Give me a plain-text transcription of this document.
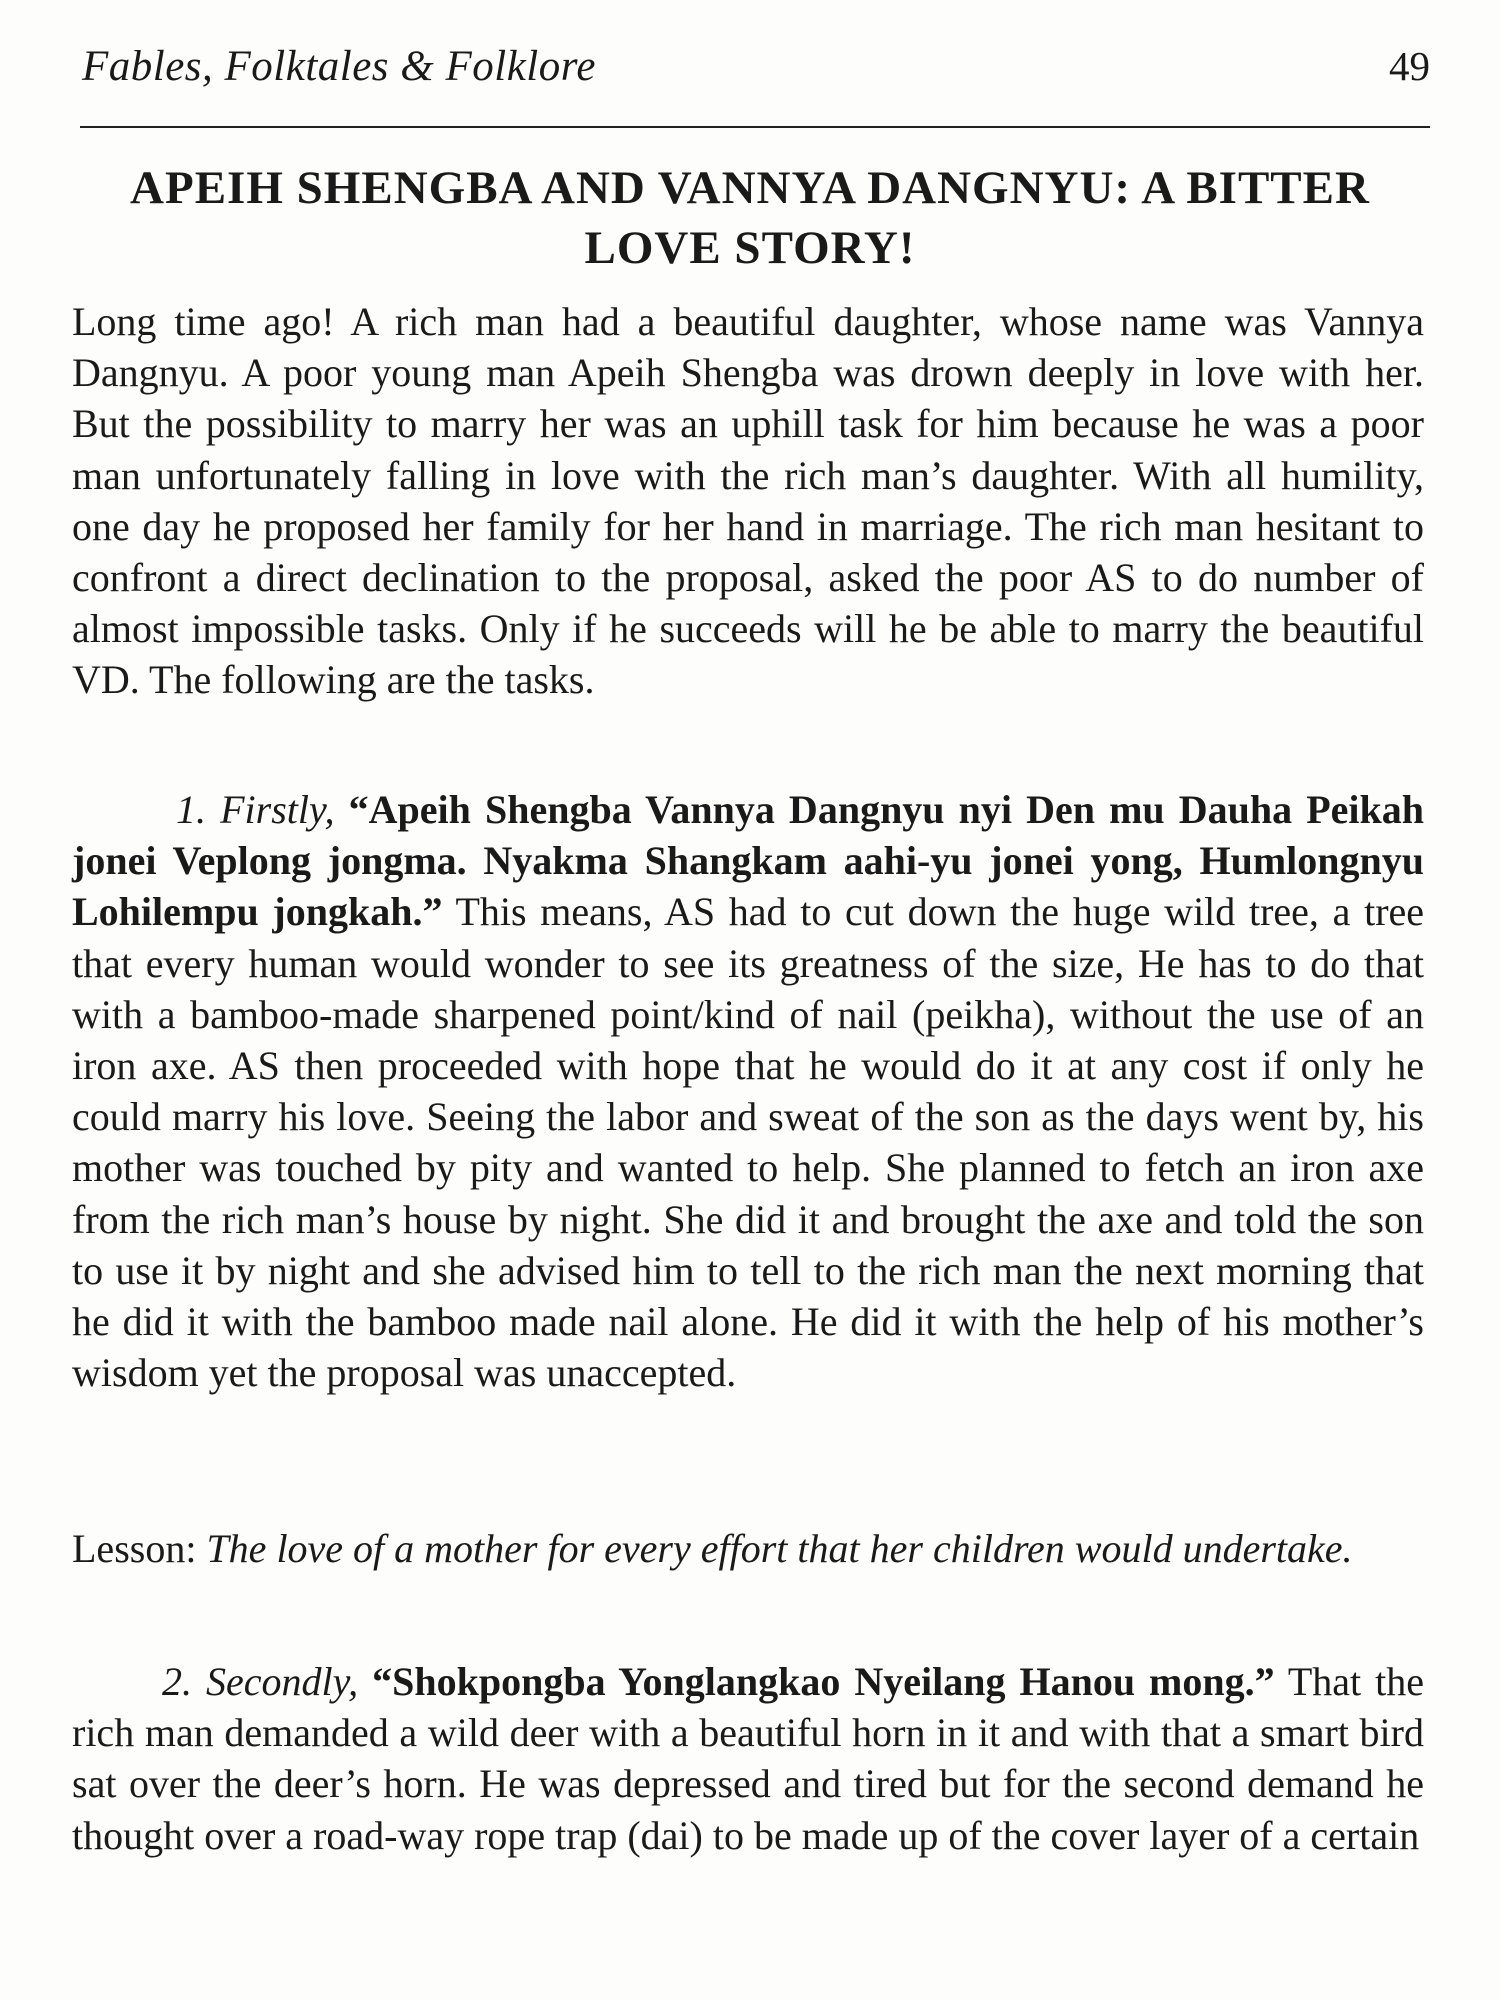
Fables, Folktales & Folklore	49
APEIH SHENGBA AND VANNYA DANGNYU: A BITTER LOVE STORY!
Long time ago! A rich man had a beautiful daughter, whose name was Vannya Dangnyu. A poor young man Apeih Shengba was drown deeply in love with her. But the possibility to marry her was an uphill task for him because he was a poor man unfortunately falling in love with the rich man’s daughter. With all humility, one day he proposed her family for her hand in marriage. The rich man hesitant to confront a direct declination to the proposal, asked the poor AS to do number of almost impossible tasks. Only if he succeeds will he be able to marry the beautiful VD. The following are the tasks.
1. Firstly, “Apeih Shengba Vannya Dangnyu nyi Den mu Dauha Peikah jonei Veplong jongma. Nyakma Shangkam aahi-yu jonei yong, Humlongnyu Lohilempu jongkah.” This means, AS had to cut down the huge wild tree, a tree that every human would wonder to see its greatness of the size, He has to do that with a bamboo-made sharpened point/kind of nail (peikha), without the use of an iron axe. AS then proceeded with hope that he would do it at any cost if only he could marry his love. Seeing the labor and sweat of the son as the days went by, his mother was touched by pity and wanted to help. She planned to fetch an iron axe from the rich man’s house by night. She did it and brought the axe and told the son to use it by night and she advised him to tell to the rich man the next morning that he did it with the bamboo made nail alone. He did it with the help of his mother’s wisdom yet the proposal was unaccepted.
Lesson: The love of a mother for every effort that her children would undertake.
2. Secondly, “Shokpongba Yonglangkao Nyeilang Hanou mong.” That the rich man demanded a wild deer with a beautiful horn in it and with that a smart bird sat over the deer’s horn. He was depressed and tired but for the second demand he thought over a road-way rope trap (dai) to be made up of the cover layer of a certain
